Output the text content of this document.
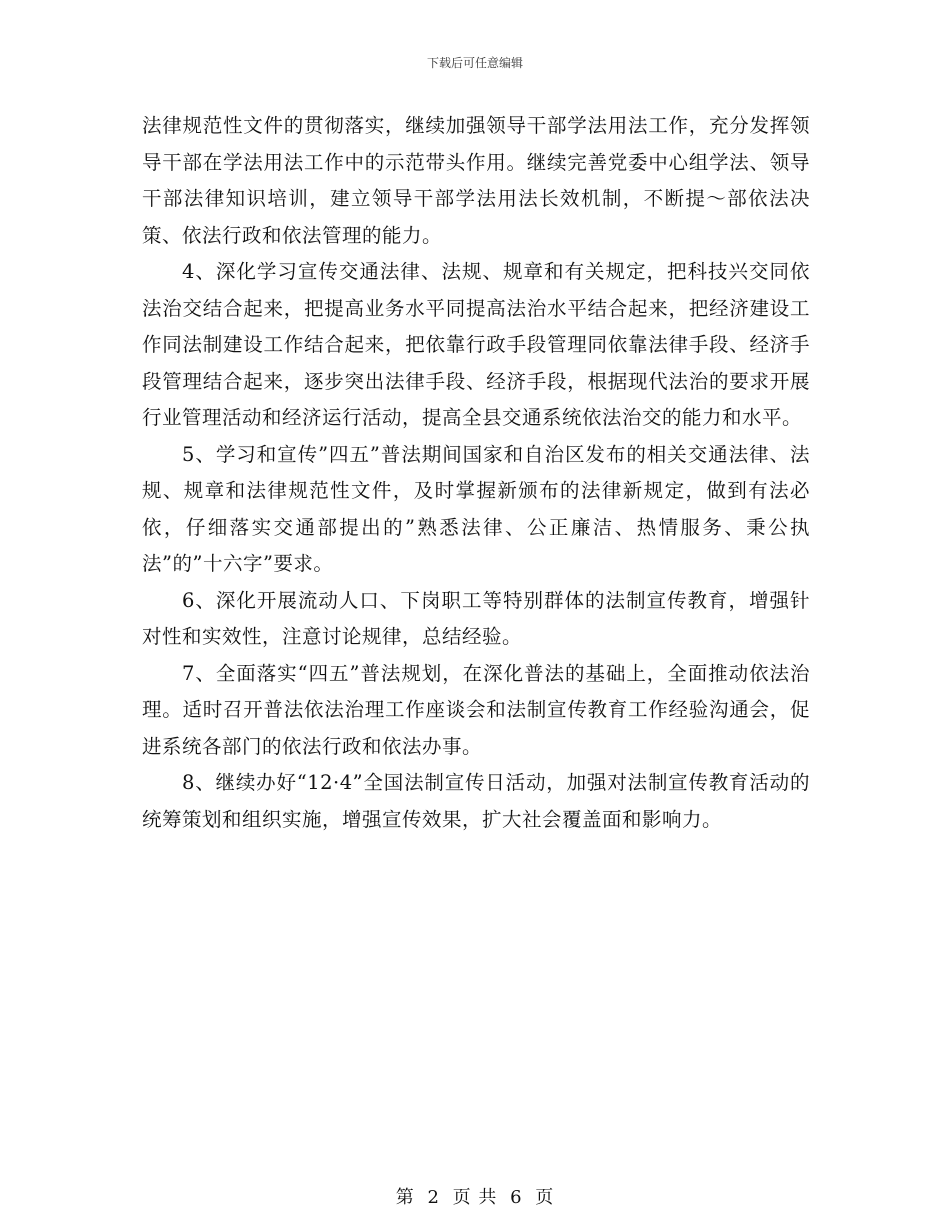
下载后可任意编辑

法律规范性文件的贯彻落实，继续加强领导干部学法用法工作，充分发挥领导干部在学法用法工作中的示范带头作用。继续完善党委中心组学法、领导干部法律知识培训，建立领导干部学法用法长效机制，不断提～部依法决策、依法行政和依法管理的能力。

4、深化学习宣传交通法律、法规、规章和有关规定，把科技兴交同依法治交结合起来，把提高业务水平同提高法治水平结合起来，把经济建设工作同法制建设工作结合起来，把依靠行政手段管理同依靠法律手段、经济手段管理结合起来，逐步突出法律手段、经济手段，根据现代法治的要求开展行业管理活动和经济运行活动，提高全县交通系统依法治交的能力和水平。

5、学习和宣传”四五”普法期间国家和自治区发布的相关交通法律、法规、规章和法律规范性文件，及时掌握新颁布的法律新规定，做到有法必依，仔细落实交通部提出的”熟悉法律、公正廉洁、热情服务、秉公执法”的”十六字”要求。

6、深化开展流动人口、下岗职工等特别群体的法制宣传教育，增强针对性和实效性，注意讨论规律，总结经验。

7、全面落实“四五”普法规划，在深化普法的基础上，全面推动依法治理。适时召开普法依法治理工作座谈会和法制宣传教育工作经验沟通会，促进系统各部门的依法行政和依法办事。

8、继续办好“12·4”全国法制宣传日活动，加强对法制宣传教育活动的统筹策划和组织实施，增强宣传效果，扩大社会覆盖面和影响力。

第 2 页 共 6 页
